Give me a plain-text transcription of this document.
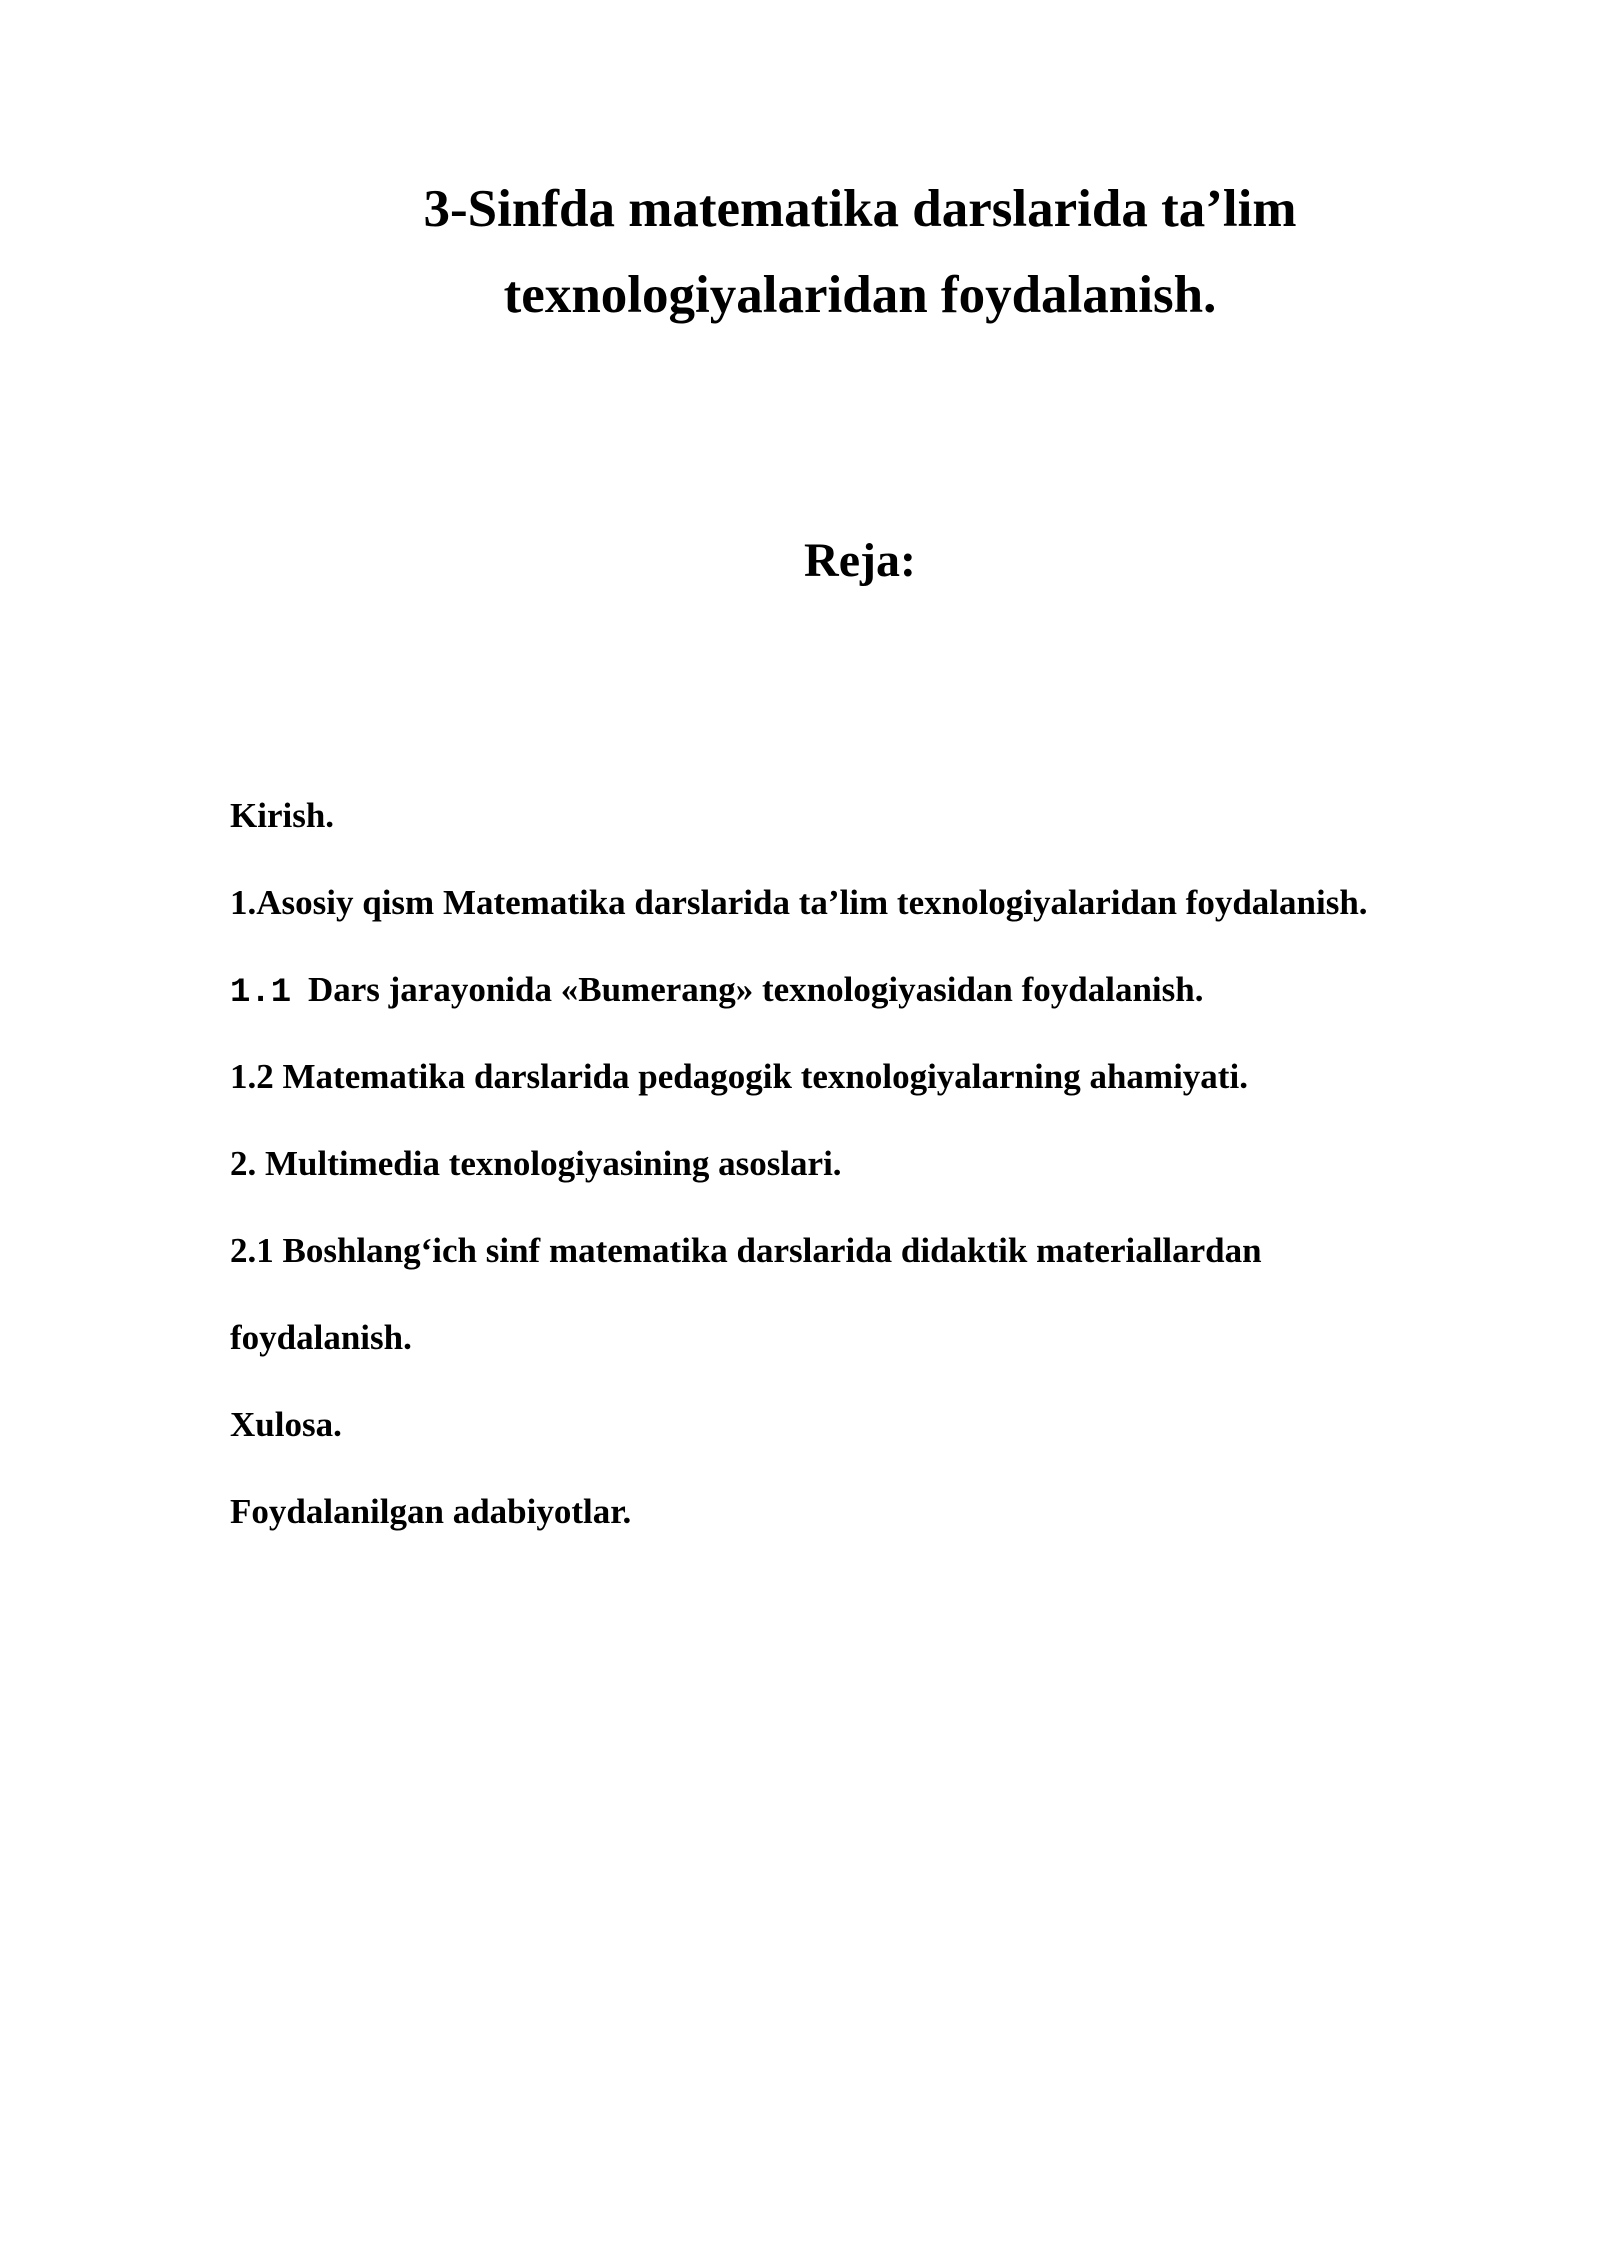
3-Sinfda matematika darslarida ta’lim
texnologiyalaridan foydalanish.
Reja:
Kirish.
1.Asosiy qism Matematika darslarida ta’lim texnologiyalaridan foydalanish.
1.1 Dars jarayonida «Bumerang» texnologiyasidan foydalanish.
1.2 Matematika darslarida pedagogik texnologiyalarning ahamiyati.
2. Multimedia texnologiyasining asoslari.
2.1 Boshlang‘ich sinf matematika darslarida didaktik materiallardan
foydalanish.
Xulosa.
Foydalanilgan adabiyotlar.
